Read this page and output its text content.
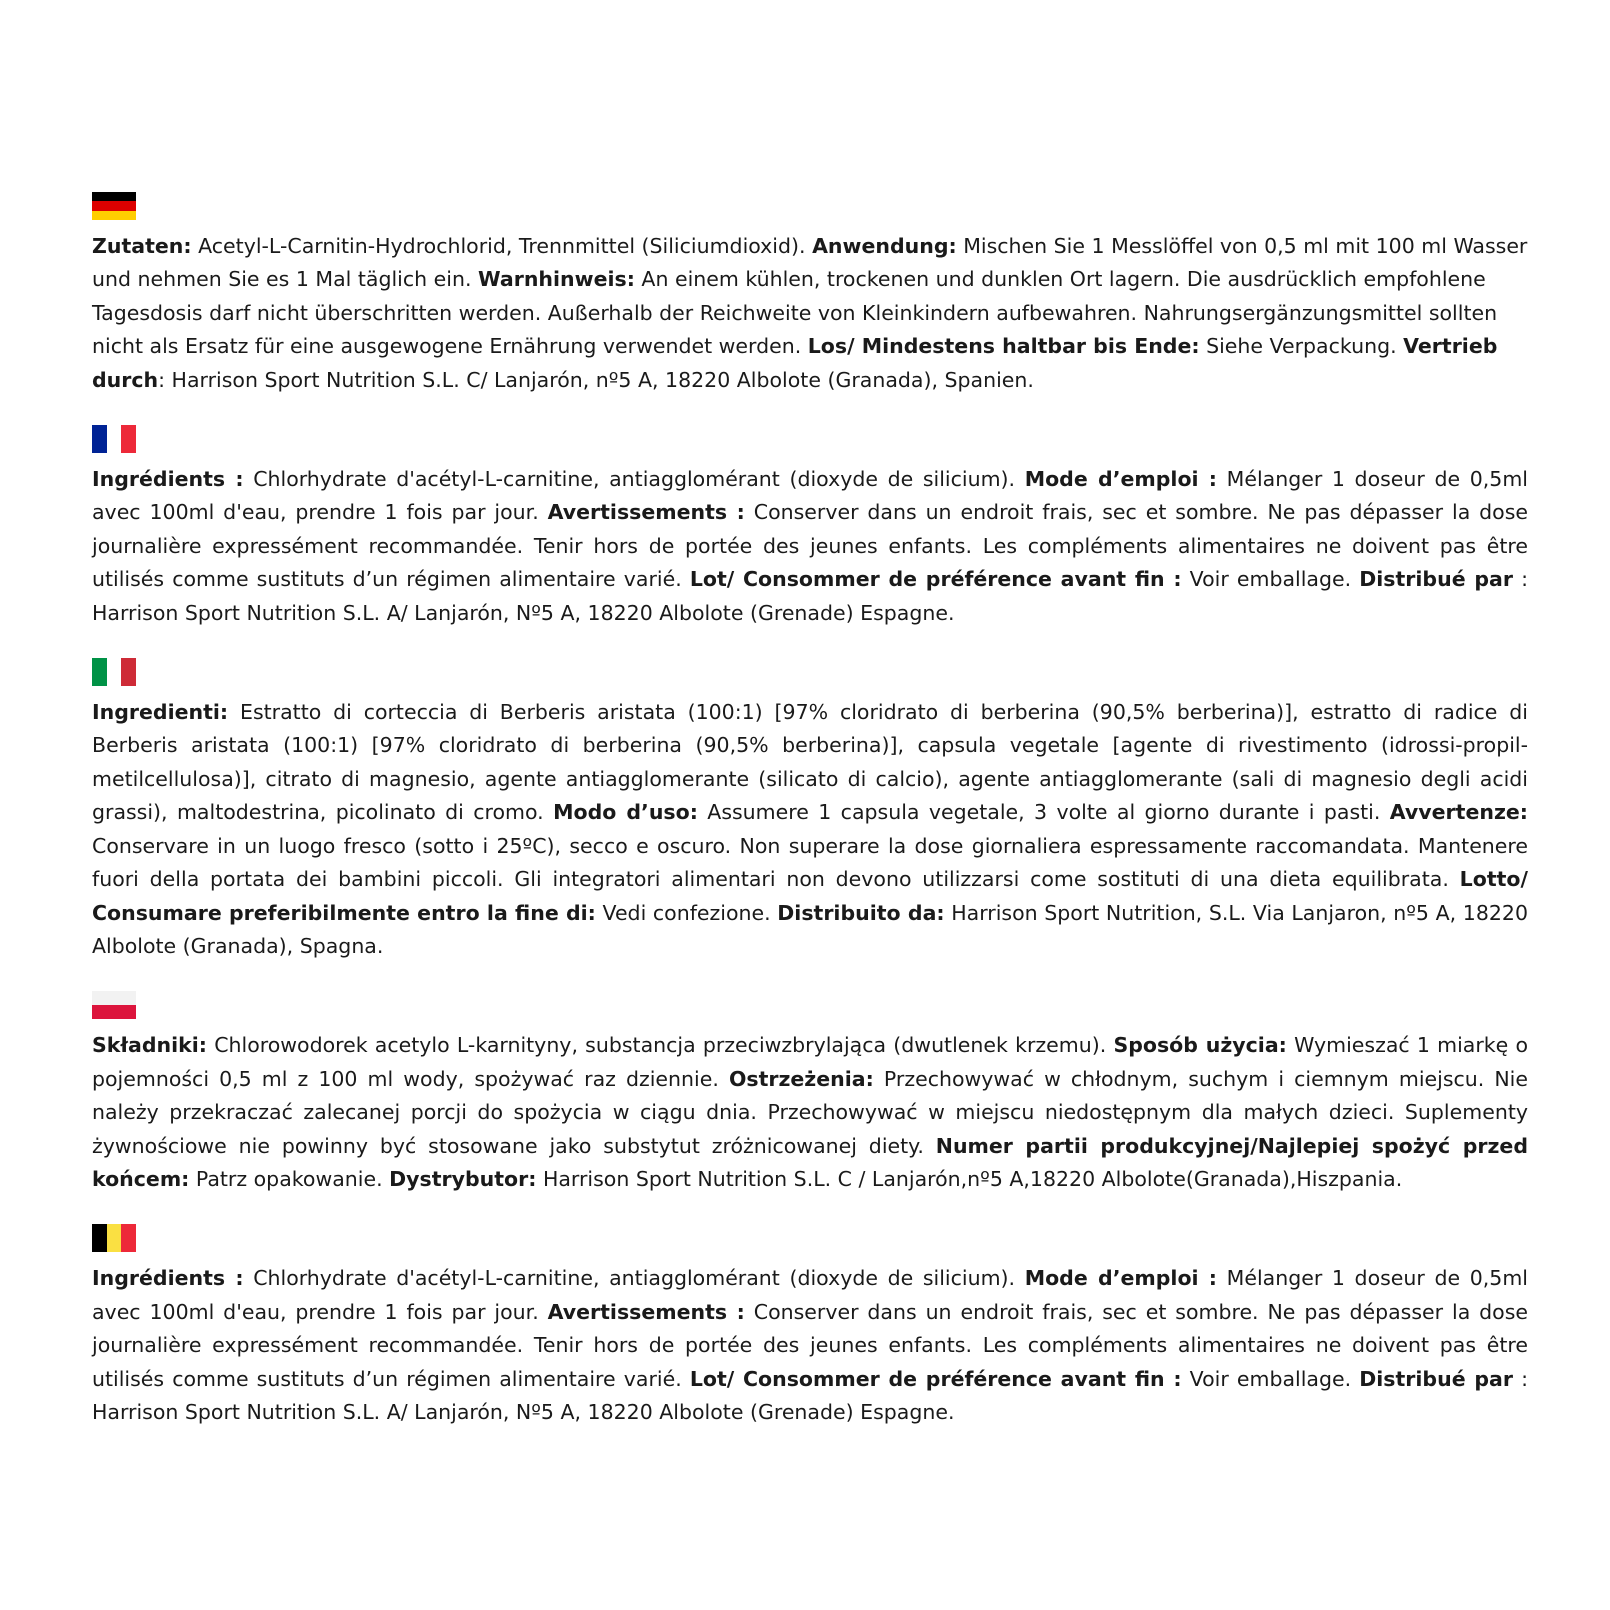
Zutaten: Acetyl-L-Carnitin-Hydrochlorid, Trennmittel (Siliciumdioxid). Anwendung: Mischen Sie 1 Messlöffel von 0,5 ml mit 100 ml Wasser und nehmen Sie es 1 Mal täglich ein. Warnhinweis: An einem kühlen, trockenen und dunklen Ort lagern. Die ausdrücklich empfohlene Tagesdosis darf nicht überschritten werden. Außerhalb der Reichweite von Kleinkindern aufbewahren. Nahrungsergänzungsmittel sollten nicht als Ersatz für eine ausgewogene Ernährung verwendet werden. Los/ Mindestens haltbar bis Ende: Siehe Verpackung. Vertrieb durch: Harrison Sport Nutrition S.L. C/ Lanjarón, nº5 A, 18220 Albolote (Granada), Spanien.

Ingrédients : Chlorhydrate d'acétyl-L-carnitine, antiagglomérant (dioxyde de silicium). Mode d’emploi : Mélanger 1 doseur de 0,5ml avec 100ml d'eau, prendre 1 fois par jour. Avertissements : Conserver dans un endroit frais, sec et sombre. Ne pas dépasser la dose journalière expressément recommandée. Tenir hors de portée des jeunes enfants. Les compléments alimentaires ne doivent pas être utilisés comme sustituts d’un régimen alimentaire varié. Lot/ Consommer de préférence avant fin : Voir emballage. Distribué par : Harrison Sport Nutrition S.L. A/ Lanjarón, Nº5 A, 18220 Albolote (Grenade) Espagne.

Ingredienti: Estratto di corteccia di Berberis aristata (100:1) [97% cloridrato di berberina (90,5% berberina)], estratto di radice di Berberis aristata (100:1) [97% cloridrato di berberina (90,5% berberina)], capsula vegetale [agente di rivestimento (idrossi-propil-metilcellulosa)], citrato di magnesio, agente antiagglomerante (silicato di calcio), agente antiagglomerante (sali di magnesio degli acidi grassi), maltodestrina, picolinato di cromo. Modo d’uso: Assumere 1 capsula vegetale, 3 volte al giorno durante i pasti. Avvertenze: Conservare in un luogo fresco (sotto i 25ºC), secco e oscuro. Non superare la dose giornaliera espressamente raccomandata. Mantenere fuori della portata dei bambini piccoli. Gli integratori alimentari non devono utilizzarsi come sostituti di una dieta equilibrata. Lotto/ Consumare preferibilmente entro la fine di: Vedi confezione. Distribuito da: Harrison Sport Nutrition, S.L. Via Lanjaron, nº5 A, 18220 Albolote (Granada), Spagna.

Składniki: Chlorowodorek acetylo L-karnityny, substancja przeciwzbrylająca (dwutlenek krzemu). Sposób użycia: Wymieszać 1 miarkę o pojemności 0,5 ml z 100 ml wody, spożywać raz dziennie. Ostrzeżenia: Przechowywać w chłodnym, suchym i ciemnym miejscu. Nie należy przekraczać zalecanej porcji do spożycia w ciągu dnia. Przechowywać w miejscu niedostępnym dla małych dzieci. Suplementy żywnościowe nie powinny być stosowane jako substytut zróżnicowanej diety. Numer partii produkcyjnej/Najlepiej spożyć przed końcem: Patrz opakowanie. Dystrybutor: Harrison Sport Nutrition S.L. C / Lanjarón,nº5 A,18220 Albolote(Granada),Hiszpania.

Ingrédients : Chlorhydrate d'acétyl-L-carnitine, antiagglomérant (dioxyde de silicium). Mode d’emploi : Mélanger 1 doseur de 0,5ml avec 100ml d'eau, prendre 1 fois par jour. Avertissements : Conserver dans un endroit frais, sec et sombre. Ne pas dépasser la dose journalière expressément recommandée. Tenir hors de portée des jeunes enfants. Les compléments alimentaires ne doivent pas être utilisés comme sustituts d’un régimen alimentaire varié. Lot/ Consommer de préférence avant fin : Voir emballage. Distribué par : Harrison Sport Nutrition S.L. A/ Lanjarón, Nº5 A, 18220 Albolote (Grenade) Espagne.
